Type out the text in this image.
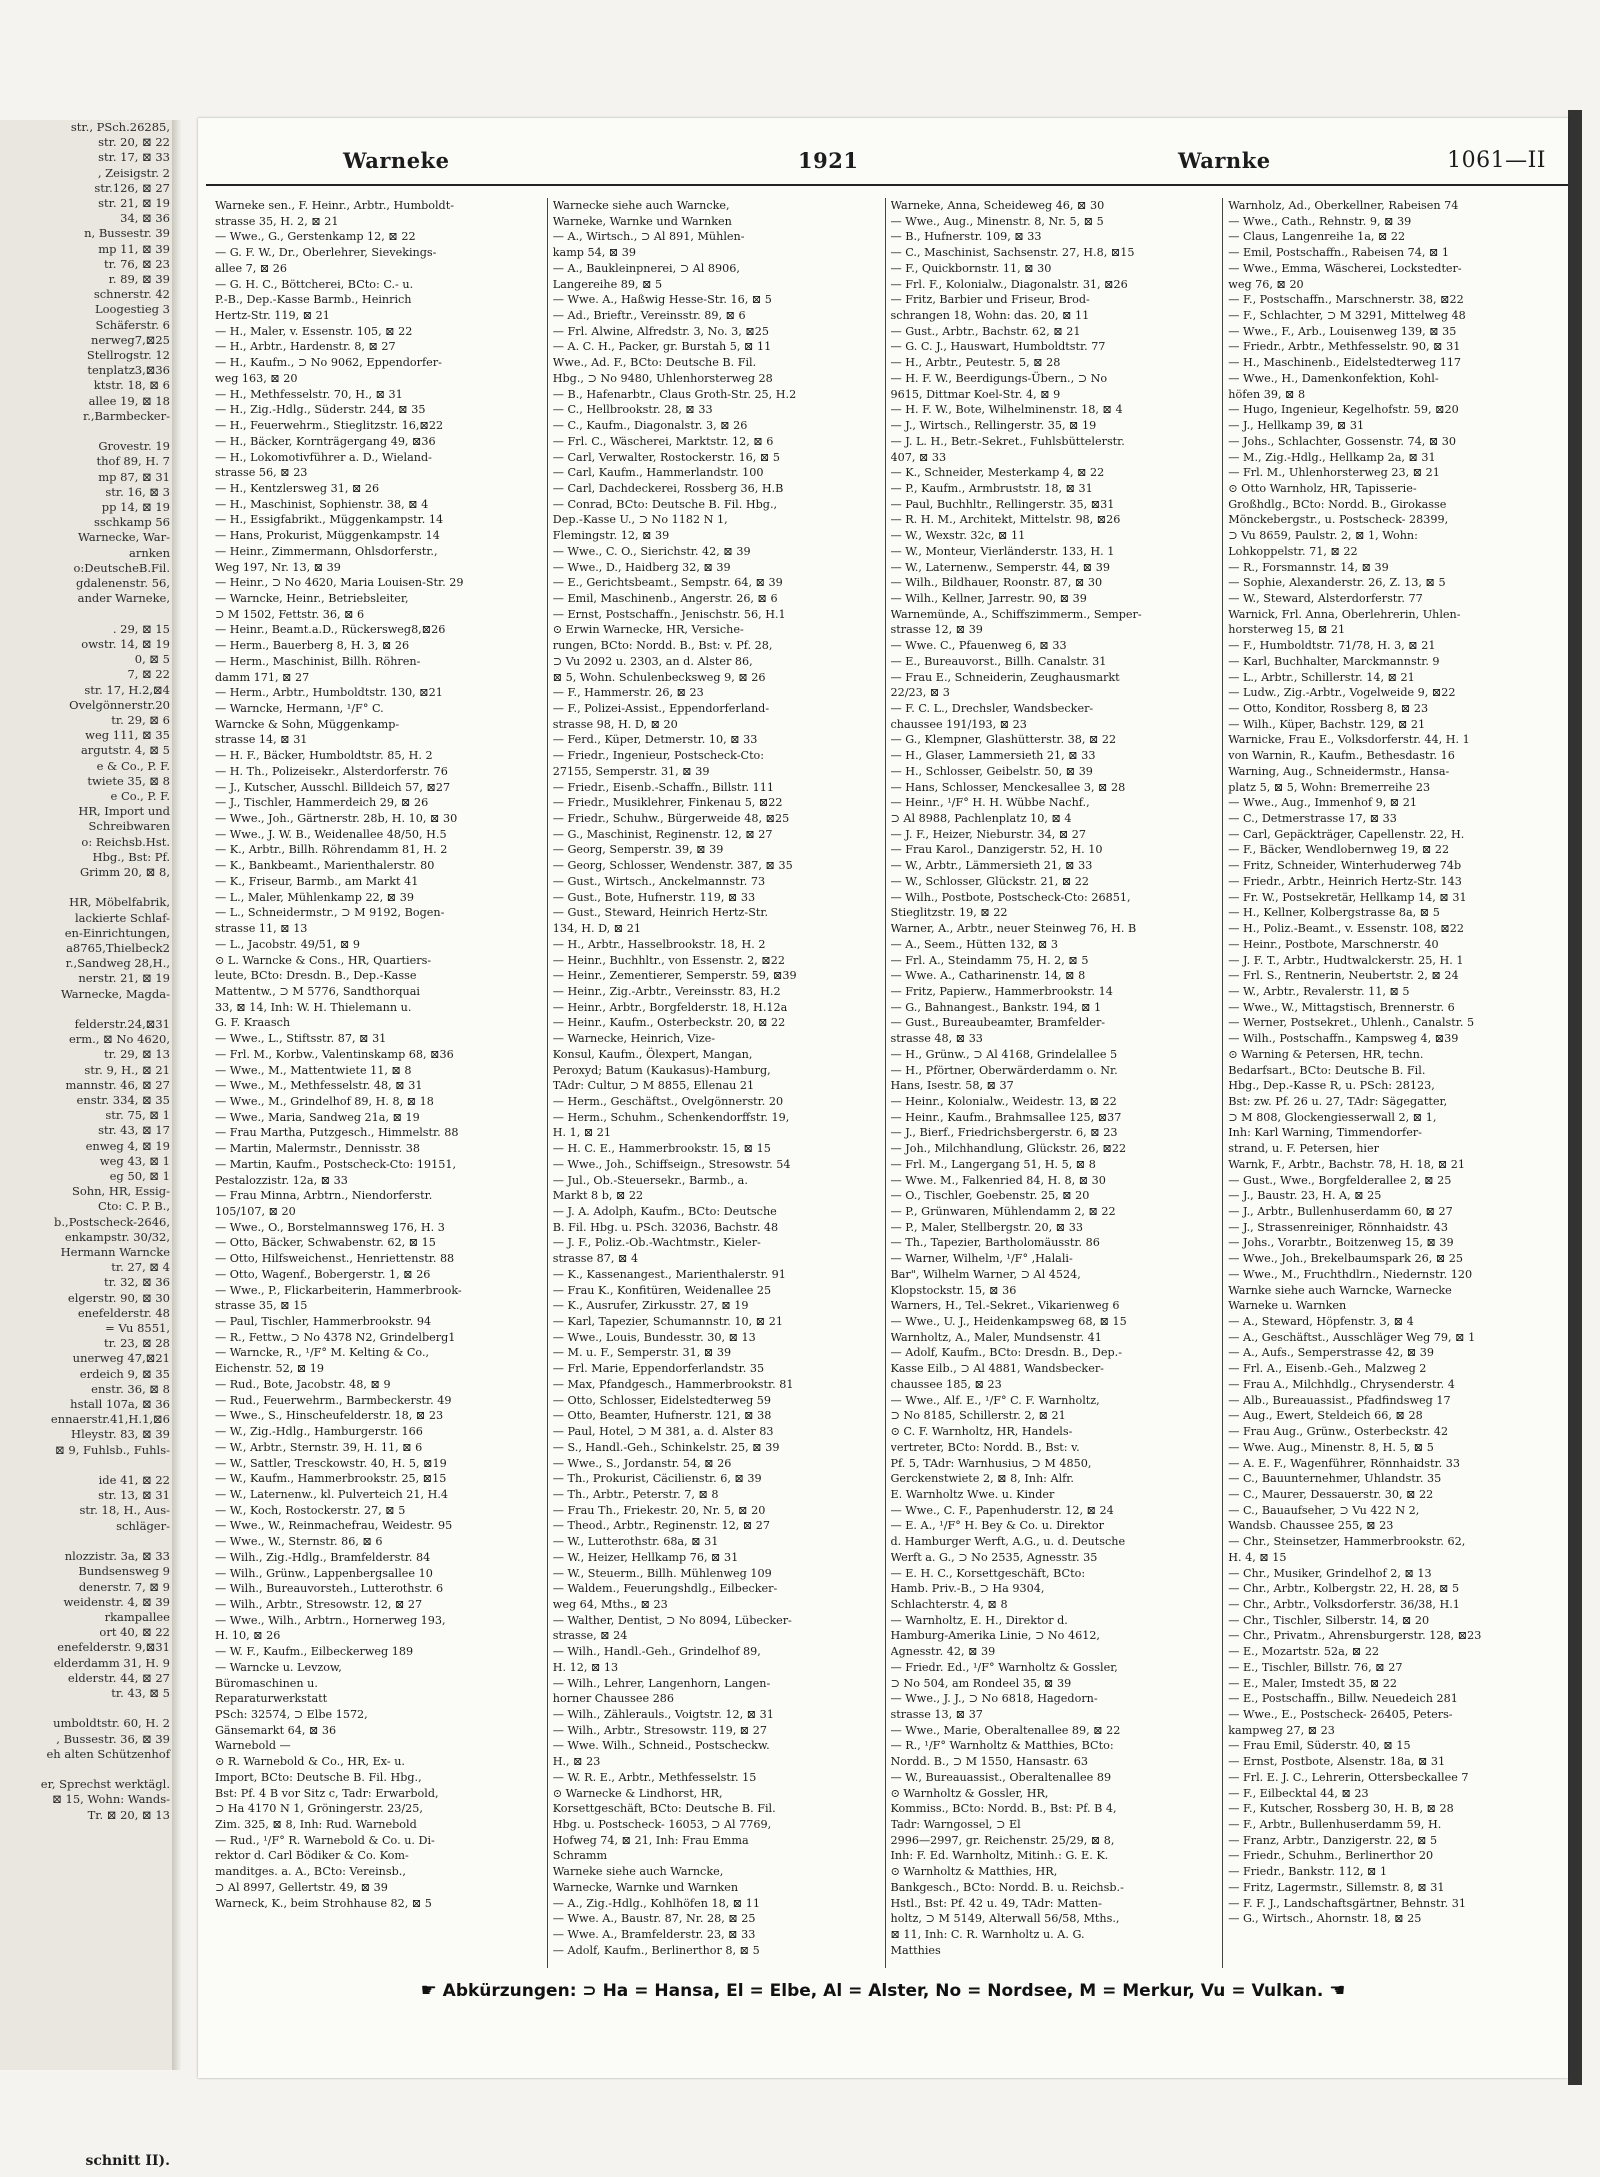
str., PSch.26285,
str. 20, ⊠ 22
str. 17, ⊠ 33
, Zeisigstr. 2
str.126, ⊠ 27
str. 21, ⊠ 19
34, ⊠ 36
n, Bussestr. 39
mp 11, ⊠ 39
tr. 76, ⊠ 23
r. 89, ⊠ 39
schnerstr. 42
Loogestieg 3
Schäferstr. 6
nerweg7,⊠25
Stellrogstr. 12
tenplatz3,⊠36
ktstr. 18, ⊠ 6
allee 19, ⊠ 18
r.,Barmbecker-

Grovestr. 19
thof 89, H. 7
mp 87, ⊠ 31
str. 16, ⊠ 3
pp 14, ⊠ 19
sschkamp 56
Warnecke, War-
arnken
o:DeutscheB.Fil.
gdalenenstr. 56,
ander Warneke,

. 29, ⊠ 15
owstr. 14, ⊠ 19
0, ⊠ 5
7, ⊠ 22
str. 17, H.2,⊠4
Ovelgönnerstr.20
tr. 29, ⊠ 6
weg 111, ⊠ 35
argutstr. 4, ⊠ 5
e & Co., P. F.
twiete 35, ⊠ 8
e Co., P. F.
HR, Import und
Schreibwaren
o: Reichsb.Hst.
Hbg., Bst: Pf.
Grimm 20, ⊠ 8,

HR, Möbelfabrik,
lackierte Schlaf-
en-Einrichtungen,
a8765,Thielbeck2
r.,Sandweg 28,H.,
nerstr. 21, ⊠ 19
Warnecke, Magda-

felderstr.24,⊠31
erm., ⊠ No 4620,
tr. 29, ⊠ 13
str. 9, H., ⊠ 21
mannstr. 46, ⊠ 27
enstr. 334, ⊠ 35
str. 75, ⊠ 1
str. 43, ⊠ 17
enweg 4, ⊠ 19
weg 43, ⊠ 1
eg 50, ⊠ 1
Sohn, HR, Essig-
Cto: C. P. B.,
b.,Postscheck-2646,
enkampstr. 30/32,
Hermann Warncke
tr. 27, ⊠ 4
tr. 32, ⊠ 36
elgerstr. 90, ⊠ 30
enefelderstr. 48
= Vu 8551,
tr. 23, ⊠ 28
unerweg 47,⊠21
erdeich 9, ⊠ 35
enstr. 36, ⊠ 8
hstall 107a, ⊠ 36
ennaerstr.41,H.1,⊠6
Hleystr. 83, ⊠ 39
⊠ 9, Fuhlsb., Fuhls-

ide 41, ⊠ 22
str. 13, ⊠ 31
str. 18, H., Aus-
schläger-

nlozzistr. 3a, ⊠ 33
Bundsensweg 9
denerstr. 7, ⊠ 9
weidenstr. 4, ⊠ 39
rkampallee
ort 40, ⊠ 22
enefelderstr. 9,⊠31
elderdamm 31, H. 9
elderstr. 44, ⊠ 27
tr. 43, ⊠ 5

umboldtstr. 60, H. 2
, Bussestr. 36, ⊠ 39
eh alten Schützenhof

er, Sprechst werktägl.
⊠ 15, Wohn: Wands-
Tr. ⊠ 20, ⊠ 13
schnitt II).
Warneke	1921	Warnke	1061—II
Warneke sen., F. Heinr., Arbtr., Humboldt-
strasse 35, H. 2, ⊠ 21
— Wwe., G., Gerstenkamp 12, ⊠ 22
— G. F. W., Dr., Oberlehrer, Sievekings-
allee 7, ⊠ 26
— G. H. C., Böttcherei, BCto: C.- u.
P.-B., Dep.-Kasse Barmb., Heinrich
Hertz-Str. 119, ⊠ 21
— H., Maler, v. Essenstr. 105, ⊠ 22
— H., Arbtr., Hardenstr. 8, ⊠ 27
— H., Kaufm., ⊃ No 9062, Eppendorfer-
weg 163, ⊠ 20
— H., Methfesselstr. 70, H., ⊠ 31
— H., Zig.-Hdlg., Süderstr. 244, ⊠ 35
— H., Feuerwehrm., Stieglitzstr. 16,⊠22
— H., Bäcker, Kornträgergang 49, ⊠36
— H., Lokomotivführer a. D., Wieland-
strasse 56, ⊠ 23
— H., Kentzlersweg 31, ⊠ 26
— H., Maschinist, Sophienstr. 38, ⊠ 4
— H., Essigfabrikt., Müggenkampstr. 14
— Hans, Prokurist, Müggenkampstr. 14
— Heinr., Zimmermann, Ohlsdorferstr.,
Weg 197, Nr. 13, ⊠ 39
— Heinr., ⊃ No 4620, Maria Louisen-Str. 29
— Warncke, Heinr., Betriebsleiter,
⊃ M 1502, Fettstr. 36, ⊠ 6
— Heinr., Beamt.a.D., Rückersweg8,⊠26
— Herm., Bauerberg 8, H. 3, ⊠ 26
— Herm., Maschinist, Billh. Röhren-
damm 171, ⊠ 27
— Herm., Arbtr., Humboldtstr. 130, ⊠21
— Warncke, Hermann, ¹/F° C.
Warncke & Sohn, Müggenkamp-
strasse 14, ⊠ 31
— H. F., Bäcker, Humboldtstr. 85, H. 2
— H. Th., Polizeisekr., Alsterdorferstr. 76
— J., Kutscher, Ausschl. Billdeich 57, ⊠27
— J., Tischler, Hammerdeich 29, ⊠ 26
— Wwe., Joh., Gärtnerstr. 28b, H. 10, ⊠ 30
— Wwe., J. W. B., Weidenallee 48/50, H.5
— K., Arbtr., Billh. Röhrendamm 81, H. 2
— K., Bankbeamt., Marienthalerstr. 80
— K., Friseur, Barmb., am Markt 41
— L., Maler, Mühlenkamp 22, ⊠ 39
— L., Schneidermstr., ⊃ M 9192, Bogen-
strasse 11, ⊠ 13
— L., Jacobstr. 49/51, ⊠ 9
⊙ L. Warncke & Cons., HR, Quartiers-
leute, BCto: Dresdn. B., Dep.-Kasse
Mattentw., ⊃ M 5776, Sandthorquai
33, ⊠ 14, Inh: W. H. Thielemann u.
G. F. Kraasch
— Wwe., L., Stiftsstr. 87, ⊠ 31
— Frl. M., Korbw., Valentinskamp 68, ⊠36
— Wwe., M., Mattentwiete 11, ⊠ 8
— Wwe., M., Methfesselstr. 48, ⊠ 31
— Wwe., M., Grindelhof 89, H. 8, ⊠ 18
— Wwe., Maria, Sandweg 21a, ⊠ 19
— Frau Martha, Putzgesch., Himmelstr. 88
— Martin, Malermstr., Dennisstr. 38
— Martin, Kaufm., Postscheck-Cto: 19151,
Pestalozzistr. 12a, ⊠ 33
— Frau Minna, Arbtrn., Niendorferstr.
105/107, ⊠ 20
— Wwe., O., Borstelmannsweg 176, H. 3
— Otto, Bäcker, Schwabenstr. 62, ⊠ 15
— Otto, Hilfsweichenst., Henriettenstr. 88
— Otto, Wagenf., Bobergerstr. 1, ⊠ 26
— Wwe., P., Flickarbeiterin, Hammerbrook-
strasse 35, ⊠ 15
— Paul, Tischler, Hammerbrookstr. 94
— R., Fettw., ⊃ No 4378 N2, Grindelberg1
— Warncke, R., ¹/F° M. Kelting & Co.,
Eichenstr. 52, ⊠ 19
— Rud., Bote, Jacobstr. 48, ⊠ 9
— Rud., Feuerwehrm., Barmbeckerstr. 49
— Wwe., S., Hinscheufelderstr. 18, ⊠ 23
— W., Zig.-Hdlg., Hamburgerstr. 166
— W., Arbtr., Sternstr. 39, H. 11, ⊠ 6
— W., Sattler, Tresckowstr. 40, H. 5, ⊠19
— W., Kaufm., Hammerbrookstr. 25, ⊠15
— W., Laternenw., kl. Pulverteich 21, H.4
— W., Koch, Rostockerstr. 27, ⊠ 5
— Wwe., W., Reinmachefrau, Weidestr. 95
— Wwe., W., Sternstr. 86, ⊠ 6
— Wilh., Zig.-Hdlg., Bramfelderstr. 84
— Wilh., Grünw., Lappenbergsallee 10
— Wilh., Bureauvorsteh., Lutterothstr. 6
— Wilh., Arbtr., Stresowstr. 12, ⊠ 27
— Wwe., Wilh., Arbtrn., Hornerweg 193,
H. 10, ⊠ 26
— W. F., Kaufm., Eilbeckerweg 189
— Warncke u. Levzow,
Büromaschinen u.
Reparaturwerkstatt
PSch: 32574, ⊃ Elbe 1572,
Gänsemarkt 64, ⊠ 36
Warnebold —
⊙ R. Warnebold & Co., HR, Ex- u.
Import, BCto: Deutsche B. Fil. Hbg.,
Bst: Pf. 4 B vor Sitz c, Tadr: Erwarbold,
⊃ Ha 4170 N 1, Gröningerstr. 23/25,
Zim. 325, ⊠ 8, Inh: Rud. Warnebold
— Rud., ¹/F° R. Warnebold & Co. u. Di-
rektor d. Carl Bödiker & Co. Kom-
manditges. a. A., BCto: Vereinsb.,
⊃ Al 8997, Gellertstr. 49, ⊠ 39
Warneck, K., beim Strohhause 82, ⊠ 5
Warnecke siehe auch Warncke,
Warneke, Warnke und Warnken
— A., Wirtsch., ⊃ Al 891, Mühlen-
kamp 54, ⊠ 39
— A., Baukleinpnerei, ⊃ Al 8906,
Langereihe 89, ⊠ 5
— Wwe. A., Haßwig Hesse-Str. 16, ⊠ 5
— Ad., Brieftr., Vereinsstr. 89, ⊠ 6
— Frl. Alwine, Alfredstr. 3, No. 3, ⊠25
— A. C. H., Packer, gr. Burstah 5, ⊠ 11
Wwe., Ad. F., BCto: Deutsche B. Fil.
Hbg., ⊃ No 9480, Uhlenhorsterweg 28
— B., Hafenarbtr., Claus Groth-Str. 25, H.2
— C., Hellbrookstr. 28, ⊠ 33
— C., Kaufm., Diagonalstr. 3, ⊠ 26
— Frl. C., Wäscherei, Marktstr. 12, ⊠ 6
— Carl, Verwalter, Rostockerstr. 16, ⊠ 5
— Carl, Kaufm., Hammerlandstr. 100
— Carl, Dachdeckerei, Rossberg 36, H.B
— Conrad, BCto: Deutsche B. Fil. Hbg.,
Dep.-Kasse U., ⊃ No 1182 N 1,
Flemingstr. 12, ⊠ 39
— Wwe., C. O., Sierichstr. 42, ⊠ 39
— Wwe., D., Haidberg 32, ⊠ 39
— E., Gerichtsbeamt., Sempstr. 64, ⊠ 39
— Emil, Maschinenb., Angerstr. 26, ⊠ 6
— Ernst, Postschaffn., Jenischstr. 56, H.1
⊙ Erwin Warnecke, HR, Versiche-
rungen, BCto: Nordd. B., Bst: v. Pf. 28,
⊃ Vu 2092 u. 2303, an d. Alster 86,
⊠ 5, Wohn. Schulenbecksweg 9, ⊠ 26
— F., Hammerstr. 26, ⊠ 23
— F., Polizei-Assist., Eppendorferland-
strasse 98, H. D, ⊠ 20
— Ferd., Küper, Detmerstr. 10, ⊠ 33
— Friedr., Ingenieur, Postscheck-Cto:
27155, Semperstr. 31, ⊠ 39
— Friedr., Eisenb.-Schaffn., Billstr. 111
— Friedr., Musiklehrer, Finkenau 5, ⊠22
— Friedr., Schuhw., Bürgerweide 48, ⊠25
— G., Maschinist, Reginenstr. 12, ⊠ 27
— Georg, Semperstr. 39, ⊠ 39
— Georg, Schlosser, Wendenstr. 387, ⊠ 35
— Gust., Wirtsch., Anckelmannstr. 73
— Gust., Bote, Hufnerstr. 119, ⊠ 33
— Gust., Steward, Heinrich Hertz-Str.
134, H. D, ⊠ 21
— H., Arbtr., Hasselbrookstr. 18, H. 2
— Heinr., Buchhltr., von Essenstr. 2, ⊠22
— Heinr., Zementierer, Semperstr. 59, ⊠39
— Heinr., Zig.-Arbtr., Vereinsstr. 83, H.2
— Heinr., Arbtr., Borgfelderstr. 18, H.12a
— Heinr., Kaufm., Osterbeckstr. 20, ⊠ 22
— Warnecke, Heinrich, Vize-
Konsul, Kaufm., Ölexpert, Mangan,
Peroxyd; Batum (Kaukasus)-Hamburg,
TAdr: Cultur, ⊃ M 8855, Ellenau 21
— Herm., Geschäftst., Ovelgönnerstr. 20
— Herm., Schuhm., Schenkendorffstr. 19,
H. 1, ⊠ 21
— H. C. E., Hammerbrookstr. 15, ⊠ 15
— Wwe., Joh., Schiffseign., Stresowstr. 54
— Jul., Ob.-Steuersekr., Barmb., a.
Markt 8 b, ⊠ 22
— J. A. Adolph, Kaufm., BCto: Deutsche
B. Fil. Hbg. u. PSch. 32036, Bachstr. 48
— J. F., Poliz.-Ob.-Wachtmstr., Kieler-
strasse 87, ⊠ 4
— K., Kassenangest., Marienthalerstr. 91
— Frau K., Konfitüren, Weidenallee 25
— K., Ausrufer, Zirkusstr. 27, ⊠ 19
— Karl, Tapezier, Schumannstr. 10, ⊠ 21
— Wwe., Louis, Bundesstr. 30, ⊠ 13
— M. u. F., Semperstr. 31, ⊠ 39
— Frl. Marie, Eppendorferlandstr. 35
— Max, Pfandgesch., Hammerbrookstr. 81
— Otto, Schlosser, Eidelstedterweg 59
— Otto, Beamter, Hufnerstr. 121, ⊠ 38
— Paul, Hotel, ⊃ M 381, a. d. Alster 83
— S., Handl.-Geh., Schinkelstr. 25, ⊠ 39
— Wwe., S., Jordanstr. 54, ⊠ 26
— Th., Prokurist, Cäcilienstr. 6, ⊠ 39
— Th., Arbtr., Peterstr. 7, ⊠ 8
— Frau Th., Friekestr. 20, Nr. 5, ⊠ 20
— Theod., Arbtr., Reginenstr. 12, ⊠ 27
— W., Lutterothstr. 68a, ⊠ 31
— W., Heizer, Hellkamp 76, ⊠ 31
— W., Steuerm., Billh. Mühlenweg 109
— Waldem., Feuerungshdlg., Eilbecker-
weg 64, Mths., ⊠ 23
— Walther, Dentist, ⊃ No 8094, Lübecker-
strasse, ⊠ 24
— Wilh., Handl.-Geh., Grindelhof 89,
H. 12, ⊠ 13
— Wilh., Lehrer, Langenhorn, Langen-
horner Chaussee 286
— Wilh., Zählerauls., Voigtstr. 12, ⊠ 31
— Wilh., Arbtr., Stresowstr. 119, ⊠ 27
— Wwe. Wilh., Schneid., Postscheckw.
H., ⊠ 23
— W. R. E., Arbtr., Methfesselstr. 15
⊙ Warnecke & Lindhorst, HR,
Korsettgeschäft, BCto: Deutsche B. Fil.
Hbg. u. Postscheck- 16053, ⊃ Al 7769,
Hofweg 74, ⊠ 21, Inh: Frau Emma
Schramm
Warneke siehe auch Warncke,
Warnecke, Warnke und Warnken
— A., Zig.-Hdlg., Kohlhöfen 18, ⊠ 11
— Wwe. A., Baustr. 87, Nr. 28, ⊠ 25
— Wwe. A., Bramfelderstr. 23, ⊠ 33
— Adolf, Kaufm., Berlinerthor 8, ⊠ 5
Warneke, Anna, Scheideweg 46, ⊠ 30
— Wwe., Aug., Minenstr. 8, Nr. 5, ⊠ 5
— B., Hufnerstr. 109, ⊠ 33
— C., Maschinist, Sachsenstr. 27, H.8, ⊠15
— F., Quickbornstr. 11, ⊠ 30
— Frl. F., Kolonialw., Diagonalstr. 31, ⊠26
— Fritz, Barbier und Friseur, Brod-
schrangen 18, Wohn: das. 20, ⊠ 11
— Gust., Arbtr., Bachstr. 62, ⊠ 21
— G. C. J., Hauswart, Humboldtstr. 77
— H., Arbtr., Peutestr. 5, ⊠ 28
— H. F. W., Beerdigungs-Übern., ⊃ No
9615, Dittmar Koel-Str. 4, ⊠ 9
— H. F. W., Bote, Wilhelminenstr. 18, ⊠ 4
— J., Wirtsch., Rellingerstr. 35, ⊠ 19
— J. L. H., Betr.-Sekret., Fuhlsbüttelerstr.
407, ⊠ 33
— K., Schneider, Mesterkamp 4, ⊠ 22
— P., Kaufm., Armbruststr. 18, ⊠ 31
— Paul, Buchhltr., Rellingerstr. 35, ⊠31
— R. H. M., Architekt, Mittelstr. 98, ⊠26
— W., Wexstr. 32c, ⊠ 11
— W., Monteur, Vierländerstr. 133, H. 1
— W., Laternenw., Semperstr. 44, ⊠ 39
— Wilh., Bildhauer, Roonstr. 87, ⊠ 30
— Wilh., Kellner, Jarrestr. 90, ⊠ 39
Warnemünde, A., Schiffszimmerm., Semper-
strasse 12, ⊠ 39
— Wwe. C., Pfauenweg 6, ⊠ 33
— E., Bureauvorst., Billh. Canalstr. 31
— Frau E., Schneiderin, Zeughausmarkt
22/23, ⊠ 3
— F. C. L., Drechsler, Wandsbecker-
chaussee 191/193, ⊠ 23
— G., Klempner, Glashütterstr. 38, ⊠ 22
— H., Glaser, Lammersieth 21, ⊠ 33
— H., Schlosser, Geibelstr. 50, ⊠ 39
— Hans, Schlosser, Menckesallee 3, ⊠ 28
— Heinr., ¹/F° H. H. Wübbe Nachf.,
⊃ Al 8988, Pachlenplatz 10, ⊠ 4
— J. F., Heizer, Nieburstr. 34, ⊠ 27
— Frau Karol., Danzigerstr. 52, H. 10
— W., Arbtr., Lämmersieth 21, ⊠ 33
— W., Schlosser, Glückstr. 21, ⊠ 22
— Wilh., Postbote, Postscheck-Cto: 26851,
Stieglitzstr. 19, ⊠ 22
Warner, A., Arbtr., neuer Steinweg 76, H. B
— A., Seem., Hütten 132, ⊠ 3
— Frl. A., Steindamm 75, H. 2, ⊠ 5
— Wwe. A., Catharinenstr. 14, ⊠ 8
— Fritz, Papierw., Hammerbrookstr. 14
— G., Bahnangest., Bankstr. 194, ⊠ 1
— Gust., Bureaubeamter, Bramfelder-
strasse 48, ⊠ 33
— H., Grünw., ⊃ Al 4168, Grindelallee 5
— H., Pförtner, Oberwärderdamm o. Nr.
Hans, Isestr. 58, ⊠ 37
— Heinr., Kolonialw., Weidestr. 13, ⊠ 22
— Heinr., Kaufm., Brahmsallee 125, ⊠37
— J., Bierf., Friedrichsbergerstr. 6, ⊠ 23
— Joh., Milchhandlung, Glückstr. 26, ⊠22
— Frl. M., Langergang 51, H. 5, ⊠ 8
— Wwe. M., Falkenried 84, H. 8, ⊠ 30
— O., Tischler, Goebenstr. 25, ⊠ 20
— P., Grünwaren, Mühlendamm 2, ⊠ 22
— P., Maler, Stellbergstr. 20, ⊠ 33
— Th., Tapezier, Bartholomäusstr. 86
— Warner, Wilhelm, ¹/F° ,Halali-
Bar", Wilhelm Warner, ⊃ Al 4524,
Klopstockstr. 15, ⊠ 36
Warners, H., Tel.-Sekret., Vikarienweg 6
— Wwe., U. J., Heidenkampsweg 68, ⊠ 15
Warnholtz, A., Maler, Mundsenstr. 41
— Adolf, Kaufm., BCto: Dresdn. B., Dep.-
Kasse Eilb., ⊃ Al 4881, Wandsbecker-
chaussee 185, ⊠ 23
— Wwe., Alf. E., ¹/F° C. F. Warnholtz,
⊃ No 8185, Schillerstr. 2, ⊠ 21
⊙ C. F. Warnholtz, HR, Handels-
vertreter, BCto: Nordd. B., Bst: v.
Pf. 5, TAdr: Warnhusius, ⊃ M 4850,
Gerckenstwiete 2, ⊠ 8, Inh: Alfr.
E. Warnholtz Wwe. u. Kinder
— Wwe., C. F., Papenhuderstr. 12, ⊠ 24
— E. A., ¹/F° H. Bey & Co. u. Direktor
d. Hamburger Werft, A.G., u. d. Deutsche
Werft a. G., ⊃ No 2535, Agnesstr. 35
— E. H. C., Korsettgeschäft, BCto:
Hamb. Priv.-B., ⊃ Ha 9304,
Schlachterstr. 4, ⊠ 8
— Warnholtz, E. H., Direktor d.
Hamburg-Amerika Linie, ⊃ No 4612,
Agnesstr. 42, ⊠ 39
— Friedr. Ed., ¹/F° Warnholtz & Gossler,
⊃ No 504, am Rondeel 35, ⊠ 39
— Wwe., J. J., ⊃ No 6818, Hagedorn-
strasse 13, ⊠ 37
— Wwe., Marie, Oberaltenallee 89, ⊠ 22
— R., ¹/F° Warnholtz & Matthies, BCto:
Nordd. B., ⊃ M 1550, Hansastr. 63
— W., Bureauassist., Oberaltenallee 89
⊙ Warnholtz & Gossler, HR,
Kommiss., BCto: Nordd. B., Bst: Pf. B 4,
Tadr: Warngossel, ⊃ El
2996—2997, gr. Reichenstr. 25/29, ⊠ 8,
Inh: F. Ed. Warnholtz, Mitinh.: G. E. K.
⊙ Warnholtz & Matthies, HR,
Bankgesch., BCto: Nordd. B. u. Reichsb.-
Hstl., Bst: Pf. 42 u. 49, TAdr: Matten-
holtz, ⊃ M 5149, Alterwall 56/58, Mths.,
⊠ 11, Inh: C. R. Warnholtz u. A. G.
Matthies
Warnholz, Ad., Oberkellner, Rabeisen 74
— Wwe., Cath., Rehnstr. 9, ⊠ 39
— Claus, Langenreihe 1a, ⊠ 22
— Emil, Postschaffn., Rabeisen 74, ⊠ 1
— Wwe., Emma, Wäscherei, Lockstedter-
weg 76, ⊠ 20
— F., Postschaffn., Marschnerstr. 38, ⊠22
— F., Schlachter, ⊃ M 3291, Mittelweg 48
— Wwe., F., Arb., Louisenweg 139, ⊠ 35
— Friedr., Arbtr., Methfesselstr. 90, ⊠ 31
— H., Maschinenb., Eidelstedterweg 117
— Wwe., H., Damenkonfektion, Kohl-
höfen 39, ⊠ 8
— Hugo, Ingenieur, Kegelhofstr. 59, ⊠20
— J., Hellkamp 39, ⊠ 31
— Johs., Schlachter, Gossenstr. 74, ⊠ 30
— M., Zig.-Hdlg., Hellkamp 2a, ⊠ 31
— Frl. M., Uhlenhorsterweg 23, ⊠ 21
⊙ Otto Warnholz, HR, Tapisserie-
Großhdlg., BCto: Nordd. B., Girokasse
Mönckebergstr., u. Postscheck- 28399,
⊃ Vu 8659, Paulstr. 2, ⊠ 1, Wohn:
Lohkoppelstr. 71, ⊠ 22
— R., Forsmannstr. 14, ⊠ 39
— Sophie, Alexanderstr. 26, Z. 13, ⊠ 5
— W., Steward, Alsterdorferstr. 77
Warnick, Frl. Anna, Oberlehrerin, Uhlen-
horsterweg 15, ⊠ 21
— F., Humboldtstr. 71/78, H. 3, ⊠ 21
— Karl, Buchhalter, Marckmannstr. 9
— L., Arbtr., Schillerstr. 14, ⊠ 21
— Ludw., Zig.-Arbtr., Vogelweide 9, ⊠22
— Otto, Konditor, Rossberg 8, ⊠ 23
— Wilh., Küper, Bachstr. 129, ⊠ 21
Warnicke, Frau E., Volksdorferstr. 44, H. 1
von Warnin, R., Kaufm., Bethesdastr. 16
Warning, Aug., Schneidermstr., Hansa-
platz 5, ⊠ 5, Wohn: Bremerreihe 23
— Wwe., Aug., Immenhof 9, ⊠ 21
— C., Detmerstrasse 17, ⊠ 33
— Carl, Gepäckträger, Capellenstr. 22, H.
— F., Bäcker, Wendlobernweg 19, ⊠ 22
— Fritz, Schneider, Winterhuderweg 74b
— Friedr., Arbtr., Heinrich Hertz-Str. 143
— Fr. W., Postsekretär, Hellkamp 14, ⊠ 31
— H., Kellner, Kolbergstrasse 8a, ⊠ 5
— H., Poliz.-Beamt., v. Essenstr. 108, ⊠22
— Heinr., Postbote, Marschnerstr. 40
— J. F. T., Arbtr., Hudtwalckerstr. 25, H. 1
— Frl. S., Rentnerin, Neubertstr. 2, ⊠ 24
— W., Arbtr., Revalerstr. 11, ⊠ 5
— Wwe., W., Mittagstisch, Brennerstr. 6
— Werner, Postsekret., Uhlenh., Canalstr. 5
— Wilh., Postschaffn., Kampsweg 4, ⊠39
⊙ Warning & Petersen, HR, techn.
Bedarfsart., BCto: Deutsche B. Fil.
Hbg., Dep.-Kasse R, u. PSch: 28123,
Bst: zw. Pf. 26 u. 27, TAdr: Sägegatter,
⊃ M 808, Glockengiesserwall 2, ⊠ 1,
Inh: Karl Warning, Timmendorfer-
strand, u. F. Petersen, hier
Warnk, F., Arbtr., Bachstr. 78, H. 18, ⊠ 21
— Gust., Wwe., Borgfelderallee 2, ⊠ 25
— J., Baustr. 23, H. A, ⊠ 25
— J., Arbtr., Bullenhuserdamm 60, ⊠ 27
— J., Strassenreiniger, Rönnhaidstr. 43
— Johs., Vorarbtr., Boitzenweg 15, ⊠ 39
— Wwe., Joh., Brekelbaumspark 26, ⊠ 25
— Wwe., M., Fruchthdlrn., Niedernstr. 120
Warnke siehe auch Warncke, Warnecke
Warneke u. Warnken
— A., Steward, Höpfenstr. 3, ⊠ 4
— A., Geschäftst., Ausschläger Weg 79, ⊠ 1
— A., Aufs., Semperstrasse 42, ⊠ 39
— Frl. A., Eisenb.-Geh., Malzweg 2
— Frau A., Milchhdlg., Chrysenderstr. 4
— Alb., Bureauassist., Pfadfindsweg 17
— Aug., Ewert, Steldeich 66, ⊠ 28
— Frau Aug., Grünw., Osterbeckstr. 42
— Wwe. Aug., Minenstr. 8, H. 5, ⊠ 5
— A. E. F., Wagenführer, Rönnhaidstr. 33
— C., Bauunternehmer, Uhlandstr. 35
— C., Maurer, Dessauerstr. 30, ⊠ 22
— C., Bauaufseher, ⊃ Vu 422 N 2,
Wandsb. Chaussee 255, ⊠ 23
— Chr., Steinsetzer, Hammerbrookstr. 62,
H. 4, ⊠ 15
— Chr., Musiker, Grindelhof 2, ⊠ 13
— Chr., Arbtr., Kolbergstr. 22, H. 28, ⊠ 5
— Chr., Arbtr., Volksdorferstr. 36/38, H.1
— Chr., Tischler, Silberstr. 14, ⊠ 20
— Chr., Privatm., Ahrensburgerstr. 128, ⊠23
— E., Mozartstr. 52a, ⊠ 22
— E., Tischler, Billstr. 76, ⊠ 27
— E., Maler, Imstedt 35, ⊠ 22
— E., Postschaffn., Billw. Neuedeich 281
— Wwe., E., Postscheck- 26405, Peters-
kampweg 27, ⊠ 23
— Frau Emil, Süderstr. 40, ⊠ 15
— Ernst, Postbote, Alsenstr. 18a, ⊠ 31
— Frl. E. J. C., Lehrerin, Ottersbeckallee 7
— F., Eilbecktal 44, ⊠ 23
— F., Kutscher, Rossberg 30, H. B, ⊠ 28
— F., Arbtr., Bullenhuserdamm 59, H.
— Franz, Arbtr., Danzigerstr. 22, ⊠ 5
— Friedr., Schuhm., Berlinerthor 20
— Friedr., Bankstr. 112, ⊠ 1
— Fritz, Lagermstr., Sillemstr. 8, ⊠ 31
— F. F. J., Landschaftsgärtner, Behnstr. 31
— G., Wirtsch., Ahornstr. 18, ⊠ 25
☛ Abkürzungen: ⊃ Ha = Hansa, El = Elbe, Al = Alster, No = Nordsee, M = Merkur, Vu = Vulkan. ☚
